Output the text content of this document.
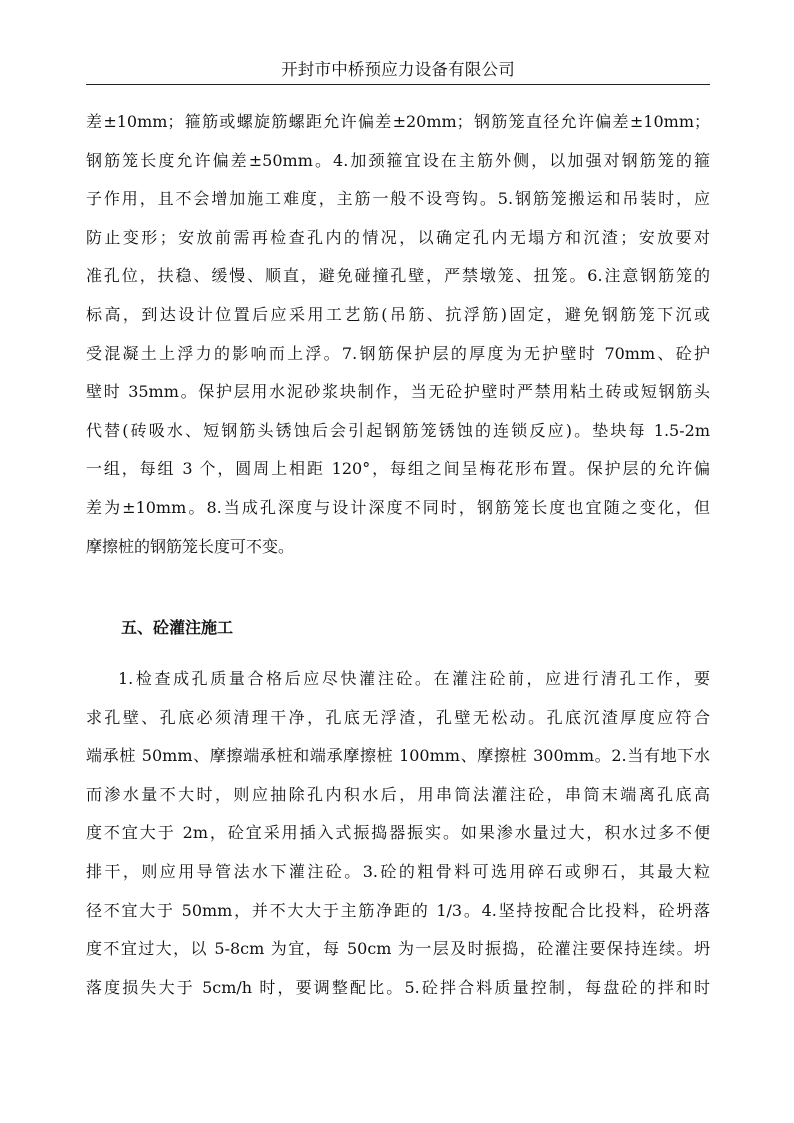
开封市中桥预应力设备有限公司
差±10mm；箍筋或螺旋筋螺距允许偏差±20mm；钢筋笼直径允许偏差±10mm；
钢筋笼长度允许偏差±50mm。4.加颈箍宜设在主筋外侧，以加强对钢筋笼的箍
子作用，且不会增加施工难度，主筋一般不设弯钩。5.钢筋笼搬运和吊装时，应
防止变形；安放前需再检查孔内的情况，以确定孔内无塌方和沉渣；安放要对
准孔位，扶稳、缓慢、顺直，避免碰撞孔壁，严禁墩笼、扭笼。6.注意钢筋笼的
标高，到达设计位置后应采用工艺筋(吊筋、抗浮筋)固定，避免钢筋笼下沉或
受混凝土上浮力的影响而上浮。7.钢筋保护层的厚度为无护壁时 70mm、砼护
壁时 35mm。保护层用水泥砂浆块制作，当无砼护壁时严禁用粘土砖或短钢筋头
代替(砖吸水、短钢筋头锈蚀后会引起钢筋笼锈蚀的连锁反应)。垫块每 1.5-2m
一组，每组 3 个，圆周上相距 120°，每组之间呈梅花形布置。保护层的允许偏
差为±10mm。8.当成孔深度与设计深度不同时，钢筋笼长度也宜随之变化，但
摩擦桩的钢筋笼长度可不变。
五、砼灌注施工
1.检查成孔质量合格后应尽快灌注砼。在灌注砼前，应进行清孔工作，要
求孔壁、孔底必须清理干净，孔底无浮渣，孔壁无松动。孔底沉渣厚度应符合
端承桩 50mm、摩擦端承桩和端承摩擦桩 100mm、摩擦桩 300mm。2.当有地下水
而渗水量不大时，则应抽除孔内积水后，用串筒法灌注砼，串筒末端离孔底高
度不宜大于 2m，砼宜采用插入式振捣器振实。如果渗水量过大，积水过多不便
排干，则应用导管法水下灌注砼。3.砼的粗骨料可选用碎石或卵石，其最大粒
径不宜大于 50mm，并不大大于主筋净距的 1/3。4.坚持按配合比投料，砼坍落
度不宜过大，以 5-8cm 为宜，每 50cm 为一层及时振捣，砼灌注要保持连续。坍
落度损失大于 5cm/h 时，要调整配比。5.砼拌合料质量控制，每盘砼的拌和时
